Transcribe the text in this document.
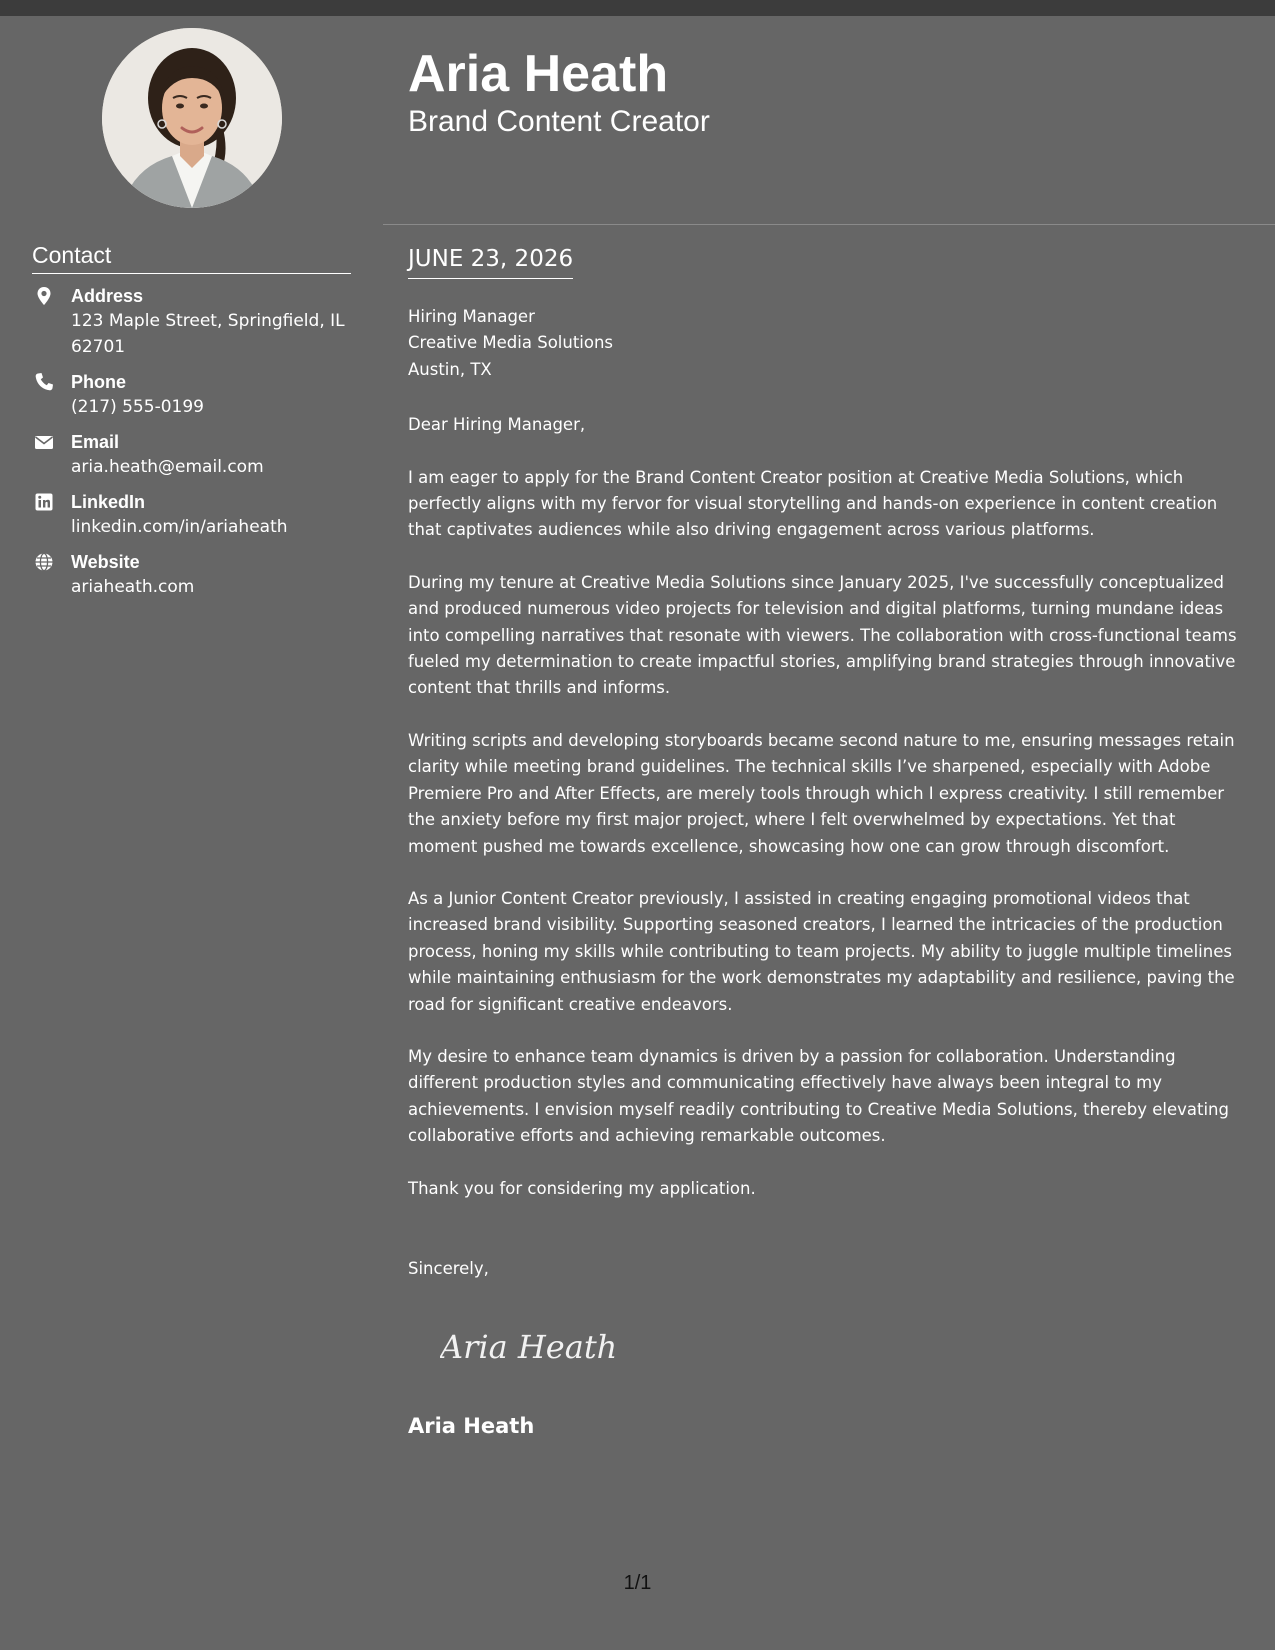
Contact
Address
123 Maple Street, Springfield, IL 62701
Phone
(217) 555-0199
Email
aria.heath@email.com
LinkedIn
linkedin.com/in/ariaheath
Website
ariaheath.com
Aria Heath
Brand Content Creator
JUNE 23, 2026
Hiring Manager
Creative Media Solutions
Austin, TX
Dear Hiring Manager,
I am eager to apply for the Brand Content Creator position at Creative Media Solutions, which perfectly aligns with my fervor for visual storytelling and hands-on experience in content creation that captivates audiences while also driving engagement across various platforms.
During my tenure at Creative Media Solutions since January 2025, I've successfully conceptualized and produced numerous video projects for television and digital platforms, turning mundane ideas into compelling narratives that resonate with viewers. The collaboration with cross-functional teams fueled my determination to create impactful stories, amplifying brand strategies through innovative content that thrills and informs.
Writing scripts and developing storyboards became second nature to me, ensuring messages retain clarity while meeting brand guidelines. The technical skills I’ve sharpened, especially with Adobe Premiere Pro and After Effects, are merely tools through which I express creativity. I still remember the anxiety before my first major project, where I felt overwhelmed by expectations. Yet that moment pushed me towards excellence, showcasing how one can grow through discomfort.
As a Junior Content Creator previously, I assisted in creating engaging promotional videos that increased brand visibility. Supporting seasoned creators, I learned the intricacies of the production process, honing my skills while contributing to team projects. My ability to juggle multiple timelines while maintaining enthusiasm for the work demonstrates my adaptability and resilience, paving the road for significant creative endeavors.
My desire to enhance team dynamics is driven by a passion for collaboration. Understanding different production styles and communicating effectively have always been integral to my achievements. I envision myself readily contributing to Creative Media Solutions, thereby elevating collaborative efforts and achieving remarkable outcomes.
Thank you for considering my application.
Sincerely,
Aria Heath
Aria Heath
1/1
